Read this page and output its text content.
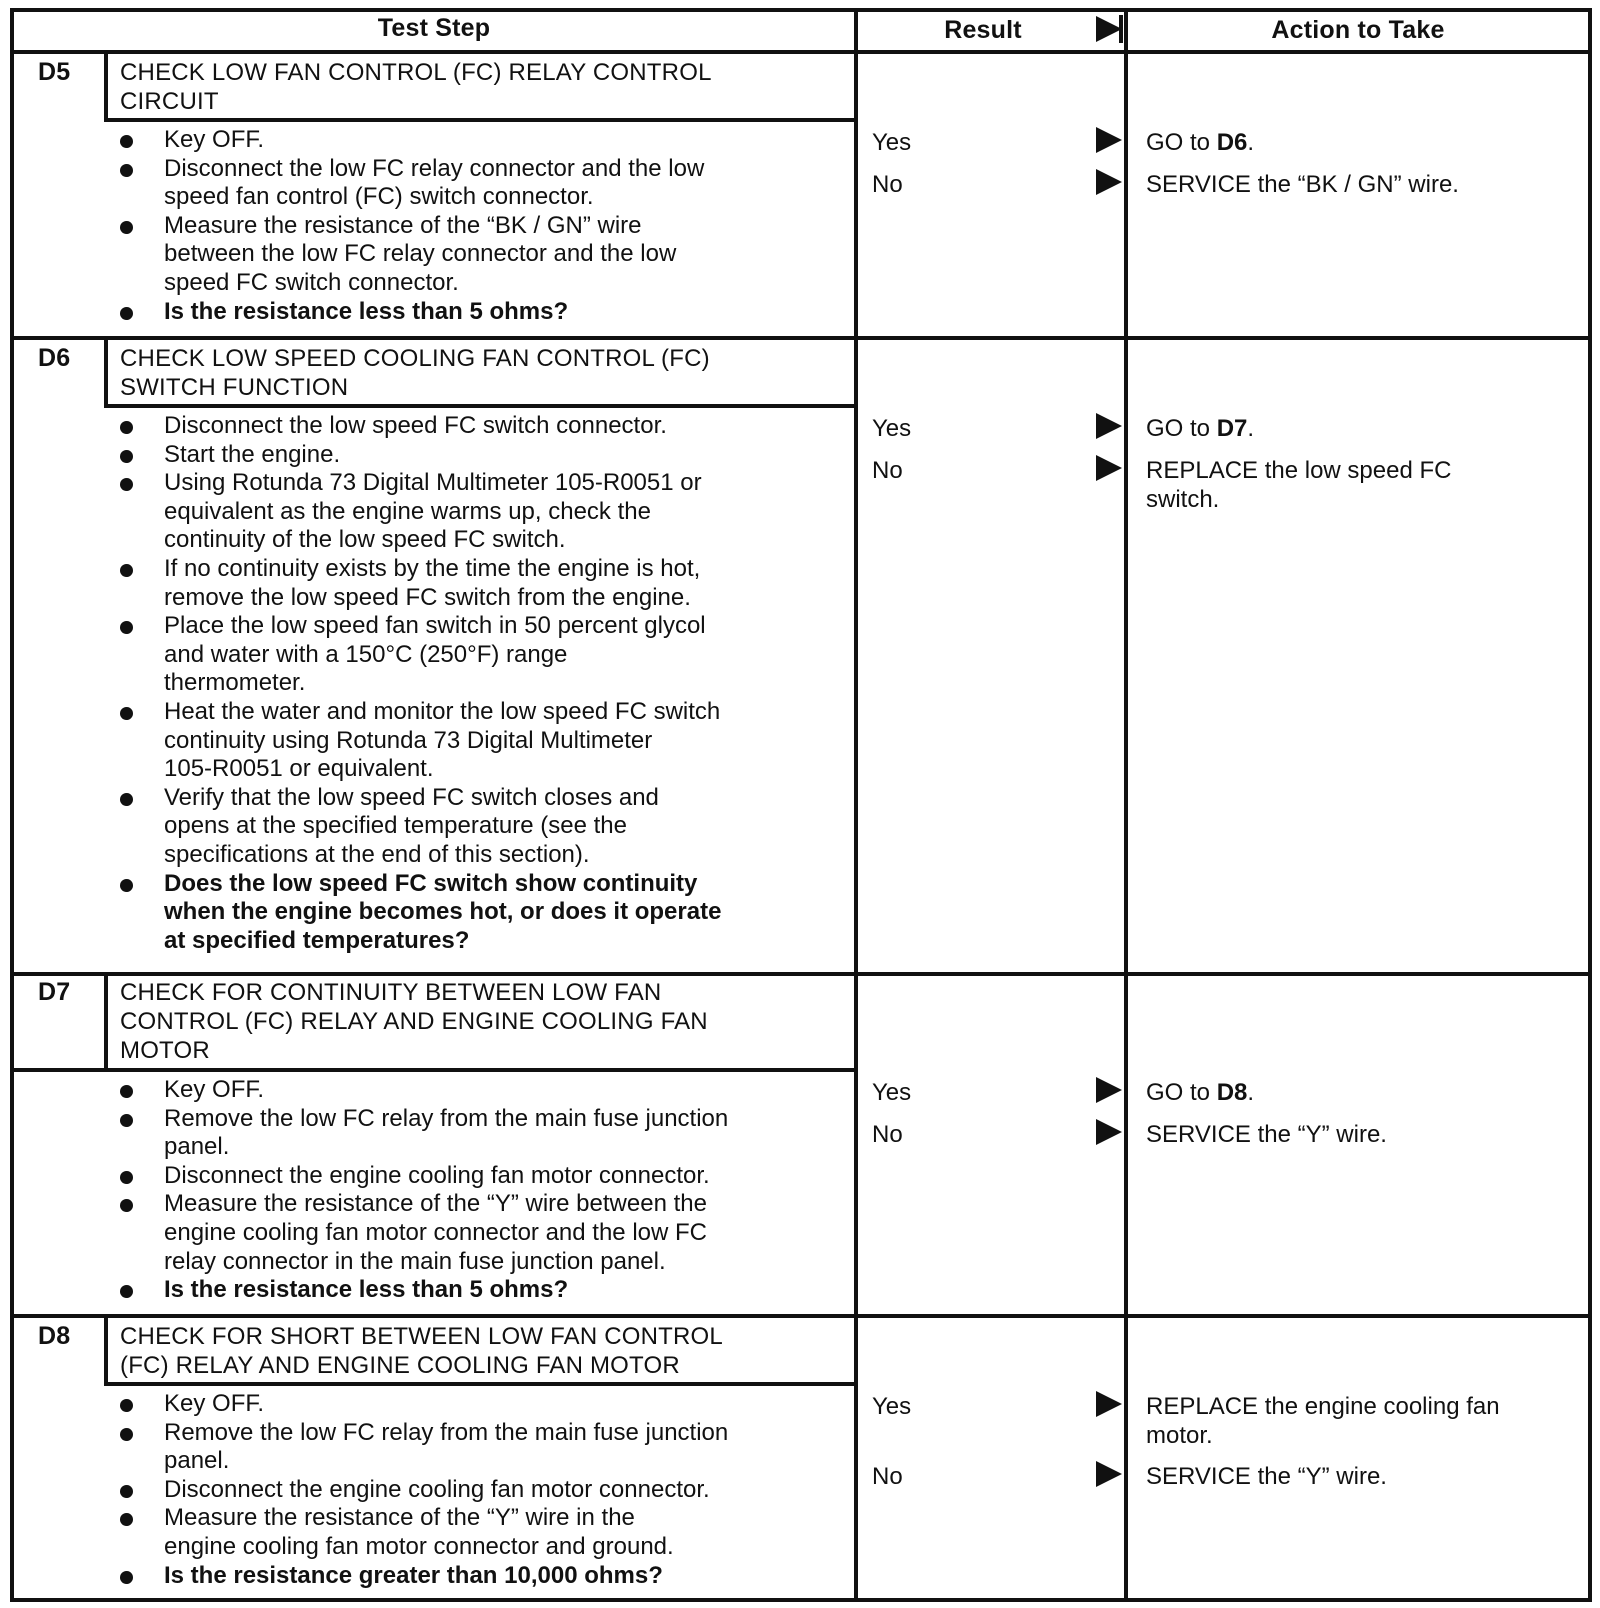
Test Step	Result	Action to Take
D5 CHECK LOW FAN CONTROL (FC) RELAY CONTROL
CIRCUIT
Key OFF.
Disconnect the low FC relay connector and the low
speed fan control (FC) switch connector.
Measure the resistance of the “BK / GN” wire
between the low FC relay connector and the low
speed FC switch connector.
Is the resistance less than 5 ohms?
Yes	GO to D6.
No	SERVICE the “BK / GN” wire.
D6 CHECK LOW SPEED COOLING FAN CONTROL (FC)
SWITCH FUNCTION
Disconnect the low speed FC switch connector.
Start the engine.
Using Rotunda 73 Digital Multimeter 105-R0051 or
equivalent as the engine warms up, check the
continuity of the low speed FC switch.
If no continuity exists by the time the engine is hot,
remove the low speed FC switch from the engine.
Place the low speed fan switch in 50 percent glycol
and water with a 150°C (250°F) range
thermometer.
Heat the water and monitor the low speed FC switch
continuity using Rotunda 73 Digital Multimeter
105-R0051 or equivalent.
Verify that the low speed FC switch closes and
opens at the specified temperature (see the
specifications at the end of this section).
Does the low speed FC switch show continuity
when the engine becomes hot, or does it operate
at specified temperatures?
Yes	GO to D7.
No	REPLACE the low speed FC
switch.
D7 CHECK FOR CONTINUITY BETWEEN LOW FAN
CONTROL (FC) RELAY AND ENGINE COOLING FAN
MOTOR
Key OFF.
Remove the low FC relay from the main fuse junction
panel.
Disconnect the engine cooling fan motor connector.
Measure the resistance of the “Y” wire between the
engine cooling fan motor connector and the low FC
relay connector in the main fuse junction panel.
Is the resistance less than 5 ohms?
Yes	GO to D8.
No	SERVICE the “Y” wire.
D8 CHECK FOR SHORT BETWEEN LOW FAN CONTROL
(FC) RELAY AND ENGINE COOLING FAN MOTOR
Key OFF.
Remove the low FC relay from the main fuse junction
panel.
Disconnect the engine cooling fan motor connector.
Measure the resistance of the “Y” wire in the
engine cooling fan motor connector and ground.
Is the resistance greater than 10,000 ohms?
Yes	REPLACE the engine cooling fan
motor.
No	SERVICE the “Y” wire.
